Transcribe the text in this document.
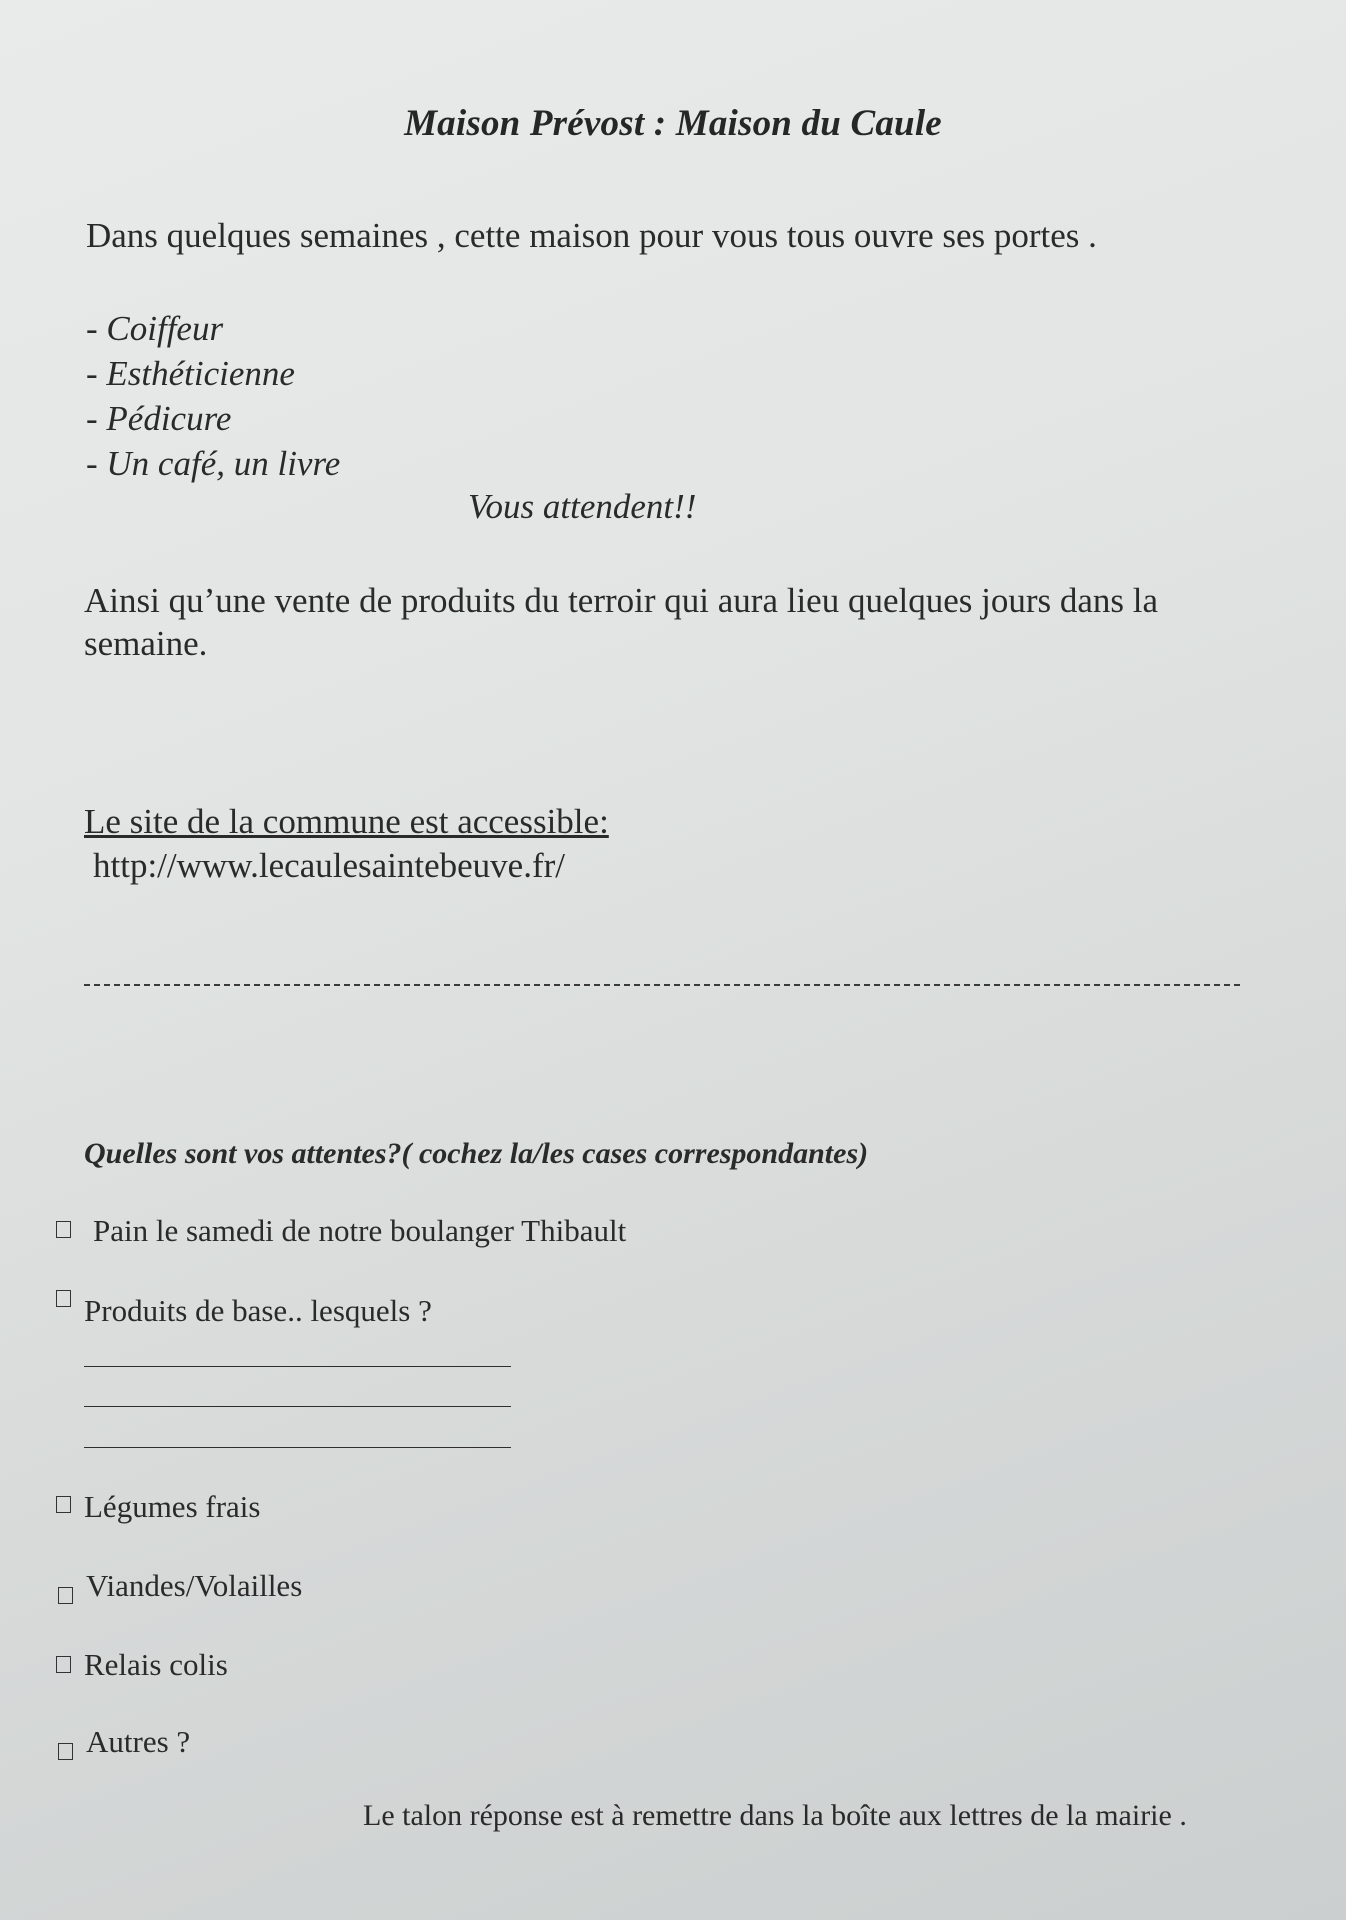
Maison Prévost : Maison du Caule
Dans quelques semaines , cette maison pour vous tous ouvre ses portes .
- Coiffeur
- Esthéticienne
- Pédicure
- Un café, un livre
Vous attendent!!
Ainsi qu’une vente de produits du terroir qui aura lieu quelques jours dans la semaine.
Le site de la commune est accessible:
http://www.lecaulesaintebeuve.fr/
Quelles sont vos attentes?( cochez la/les cases correspondantes)
Pain le samedi de notre boulanger Thibault
Produits de base.. lesquels ?
Légumes frais
Viandes/Volailles
Relais colis
Autres ?
Le talon réponse est à remettre dans la boîte aux lettres de la mairie .
